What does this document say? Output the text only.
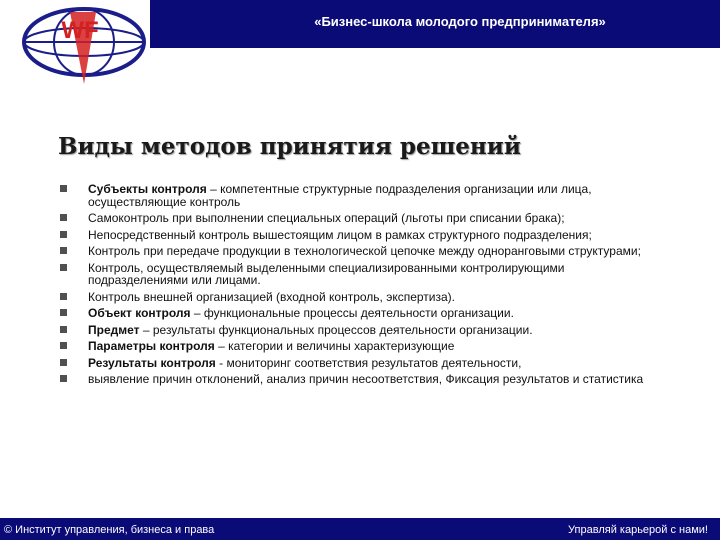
«Бизнес-школа молодого предпринимателя»
WF
Виды методов принятия решений
Субъекты контроля – компетентные структурные подразделения организации или лица, осуществляющие контроль
Самоконтроль при выполнении специальных операций (льготы при списании брака);
Непосредственный контроль вышестоящим лицом в рамках структурного подразделения;
Контроль при передаче продукции в технологической цепочке между одноранговыми структурами;
Контроль, осуществляемый выделенными специализированными контролирующими подразделениями или лицами.
Контроль внешней организацией (входной контроль, экспертиза).
Объект контроля – функциональные процессы деятельности организации.
Предмет – результаты функциональных процессов деятельности организации.
Параметры контроля – категории и величины характеризующие
Результаты контроля - мониторинг соответствия результатов деятельности,
выявление причин отклонений, анализ причин несоответствия, Фиксация результатов и статистика
© Институт управления, бизнеса и права	Управляй карьерой с нами!
